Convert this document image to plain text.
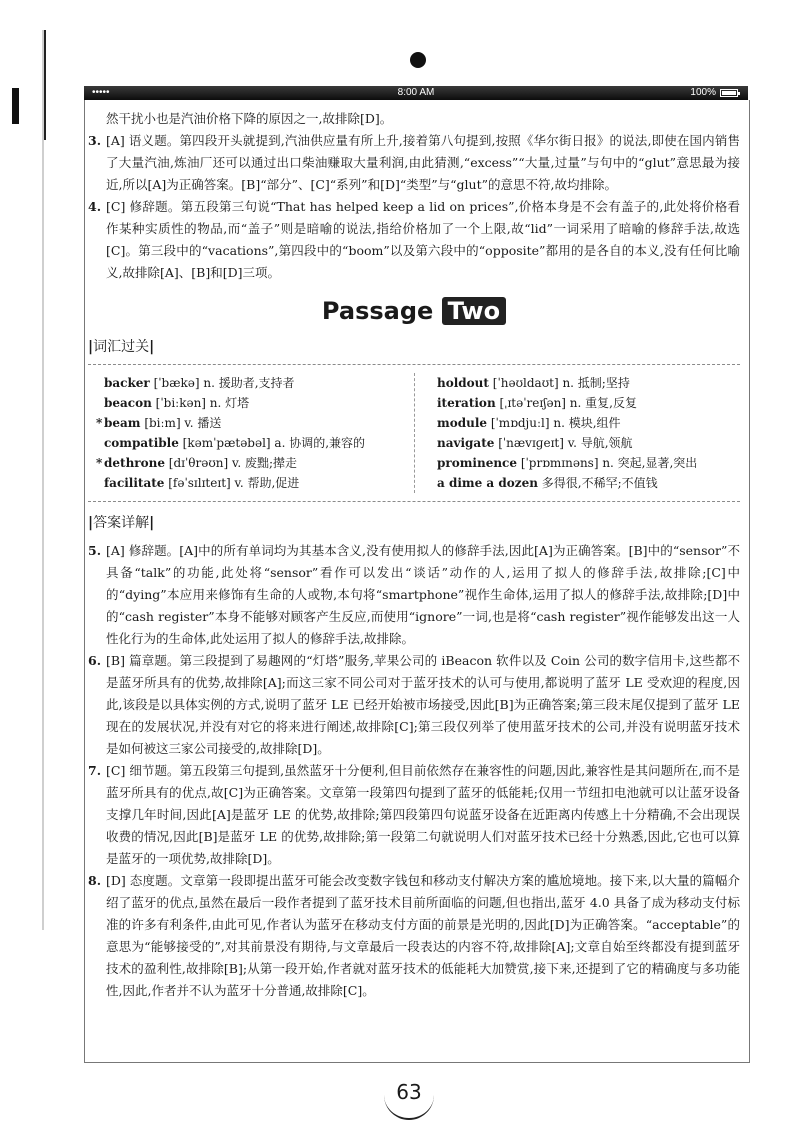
•••••	8:00 AM	100%

然干扰小也是汽油价格下降的原因之一,故排除[D]。

3. [A] 语义题。第四段开头就提到,汽油供应量有所上升,接着第八句提到,按照《华尔街日报》的说法,即使在国内销售了大量汽油,炼油厂还可以通过出口柴油赚取大量利润,由此猜测,“excess”“大量,过量”与句中的“glut”意思最为接近,所以[A]为正确答案。[B]“部分”、[C]“系列”和[D]“类型”与“glut”的意思不符,故均排除。
4. [C] 修辞题。第五段第三句说“That has helped keep a lid on prices”,价格本身是不会有盖子的,此处将价格看作某种实质性的物品,而“盖子”则是暗喻的说法,指给价格加了一个上限,故“lid”一词采用了暗喻的修辞手法,故选[C]。第三段中的“vacations”,第四段中的“boom”以及第六段中的“opposite”都用的是各自的本义,没有任何比喻义,故排除[A]、[B]和[D]三项。
Passage Two
|词汇过关|
backer [ˈbækə] n. 援助者,支持者
beacon [ˈbiːkən] n. 灯塔
* beam [biːm] v. 播送
compatible [kəmˈpætəbəl] a. 协调的,兼容的
* dethrone [dɪˈθrəʊn] v. 废黜;撵走
facilitate [fəˈsɪlɪteɪt] v. 帮助,促进
holdout [ˈhəʊldaʊt] n. 抵制;坚持
iteration [ˌɪtəˈreɪʃən] n. 重复,反复
module [ˈmɒdjuːl] n. 模块,组件
navigate [ˈnævɪɡeɪt] v. 导航,领航
prominence [ˈprɒmɪnəns] n. 突起,显著,突出
a dime a dozen 多得很,不稀罕;不值钱
|答案详解|
5. [A] 修辞题。[A]中的所有单词均为其基本含义,没有使用拟人的修辞手法,因此[A]为正确答案。[B]中的“sensor”不具备“talk”的功能,此处将“sensor”看作可以发出“谈话”动作的人,运用了拟人的修辞手法,故排除;[C]中的“dying”本应用来修饰有生命的人或物,本句将“smartphone”视作生命体,运用了拟人的修辞手法,故排除;[D]中的“cash register”本身不能够对顾客产生反应,而使用“ignore”一词,也是将“cash register”视作能够发出这一人性化行为的生命体,此处运用了拟人的修辞手法,故排除。
6. [B] 篇章题。第三段提到了易趣网的“灯塔”服务,苹果公司的 iBeacon 软件以及 Coin 公司的数字信用卡,这些都不是蓝牙所具有的优势,故排除[A];而这三家不同公司对于蓝牙技术的认可与使用,都说明了蓝牙 LE 受欢迎的程度,因此,该段是以具体实例的方式,说明了蓝牙 LE 已经开始被市场接受,因此[B]为正确答案;第三段末尾仅提到了蓝牙 LE 现在的发展状况,并没有对它的将来进行阐述,故排除[C];第三段仅列举了使用蓝牙技术的公司,并没有说明蓝牙技术是如何被这三家公司接受的,故排除[D]。
7. [C] 细节题。第五段第三句提到,虽然蓝牙十分便利,但目前依然存在兼容性的问题,因此,兼容性是其问题所在,而不是蓝牙所具有的优点,故[C]为正确答案。文章第一段第四句提到了蓝牙的低能耗;仅用一节纽扣电池就可以让蓝牙设备支撑几年时间,因此[A]是蓝牙 LE 的优势,故排除;第四段第四句说蓝牙设备在近距离内传感上十分精确,不会出现误收费的情况,因此[B]是蓝牙 LE 的优势,故排除;第一段第二句就说明人们对蓝牙技术已经十分熟悉,因此,它也可以算是蓝牙的一项优势,故排除[D]。
8. [D] 态度题。文章第一段即提出蓝牙可能会改变数字钱包和移动支付解决方案的尴尬境地。接下来,以大量的篇幅介绍了蓝牙的优点,虽然在最后一段作者提到了蓝牙技术目前所面临的问题,但也指出,蓝牙 4.0 具备了成为移动支付标准的许多有利条件,由此可见,作者认为蓝牙在移动支付方面的前景是光明的,因此[D]为正确答案。“acceptable”的意思为“能够接受的”,对其前景没有期待,与文章最后一段表达的内容不符,故排除[A];文章自始至终都没有提到蓝牙技术的盈利性,故排除[B];从第一段开始,作者就对蓝牙技术的低能耗大加赞赏,接下来,还提到了它的精确度与多功能性,因此,作者并不认为蓝牙十分普通,故排除[C]。
63
